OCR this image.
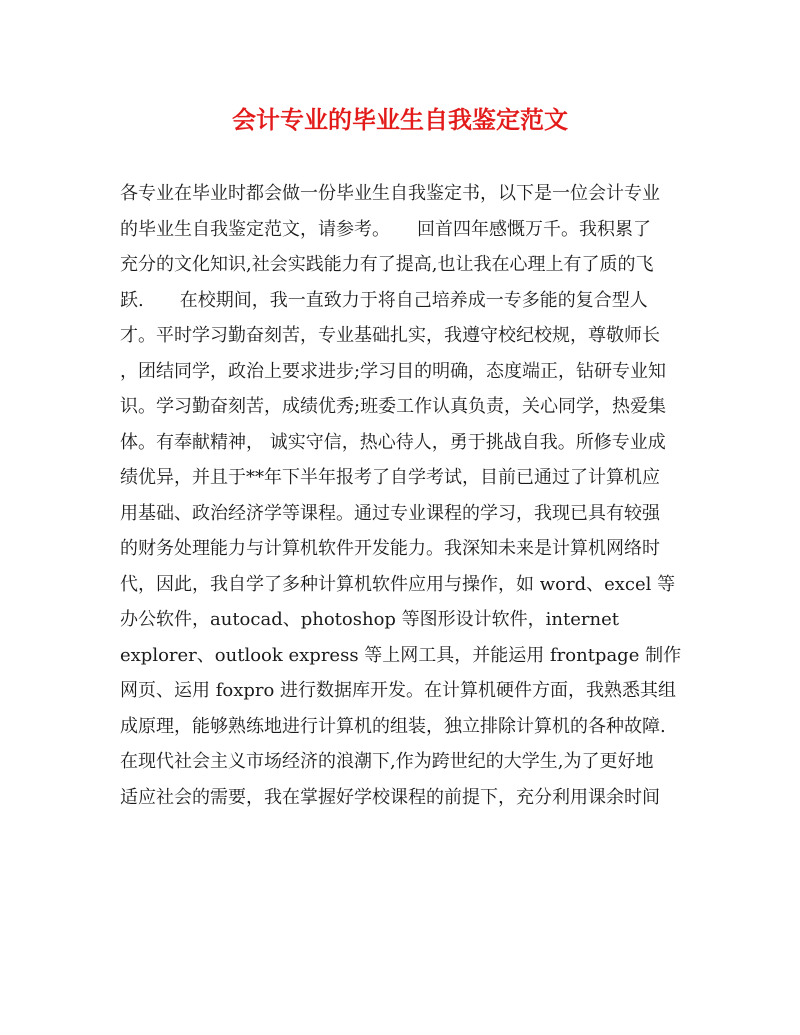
会计专业的毕业生自我鉴定范文
各专业在毕业时都会做一份毕业生自我鉴定书，以下是一位会计专业
的毕业生自我鉴定范文，请参考。　　回首四年感慨万千。我积累了
充分的文化知识,社会实践能力有了提高,也让我在心理上有了质的飞
跃.　　在校期间，我一直致力于将自己培养成一专多能的复合型人
才。平时学习勤奋刻苦，专业基础扎实，我遵守校纪校规，尊敬师长
，团结同学，政治上要求进步;学习目的明确，态度端正，钻研专业知
识。学习勤奋刻苦，成绩优秀;班委工作认真负责，关心同学，热爱集
体。有奉献精神， 诚实守信，热心待人，勇于挑战自我。所修专业成
绩优异，并且于**年下半年报考了自学考试，目前已通过了计算机应
用基础、政治经济学等课程。通过专业课程的学习，我现已具有较强
的财务处理能力与计算机软件开发能力。我深知未来是计算机网络时
代，因此，我自学了多种计算机软件应用与操作，如 word、excel 等
办公软件，autocad、photoshop 等图形设计软件，internet
explorer、outlook express 等上网工具，并能运用 frontpage 制作
网页、运用 foxpro 进行数据库开发。在计算机硬件方面，我熟悉其组
成原理，能够熟练地进行计算机的组装，独立排除计算机的各种故障.
在现代社会主义市场经济的浪潮下,作为跨世纪的大学生,为了更好地
适应社会的需要，我在掌握好学校课程的前提下，充分利用课余时间
